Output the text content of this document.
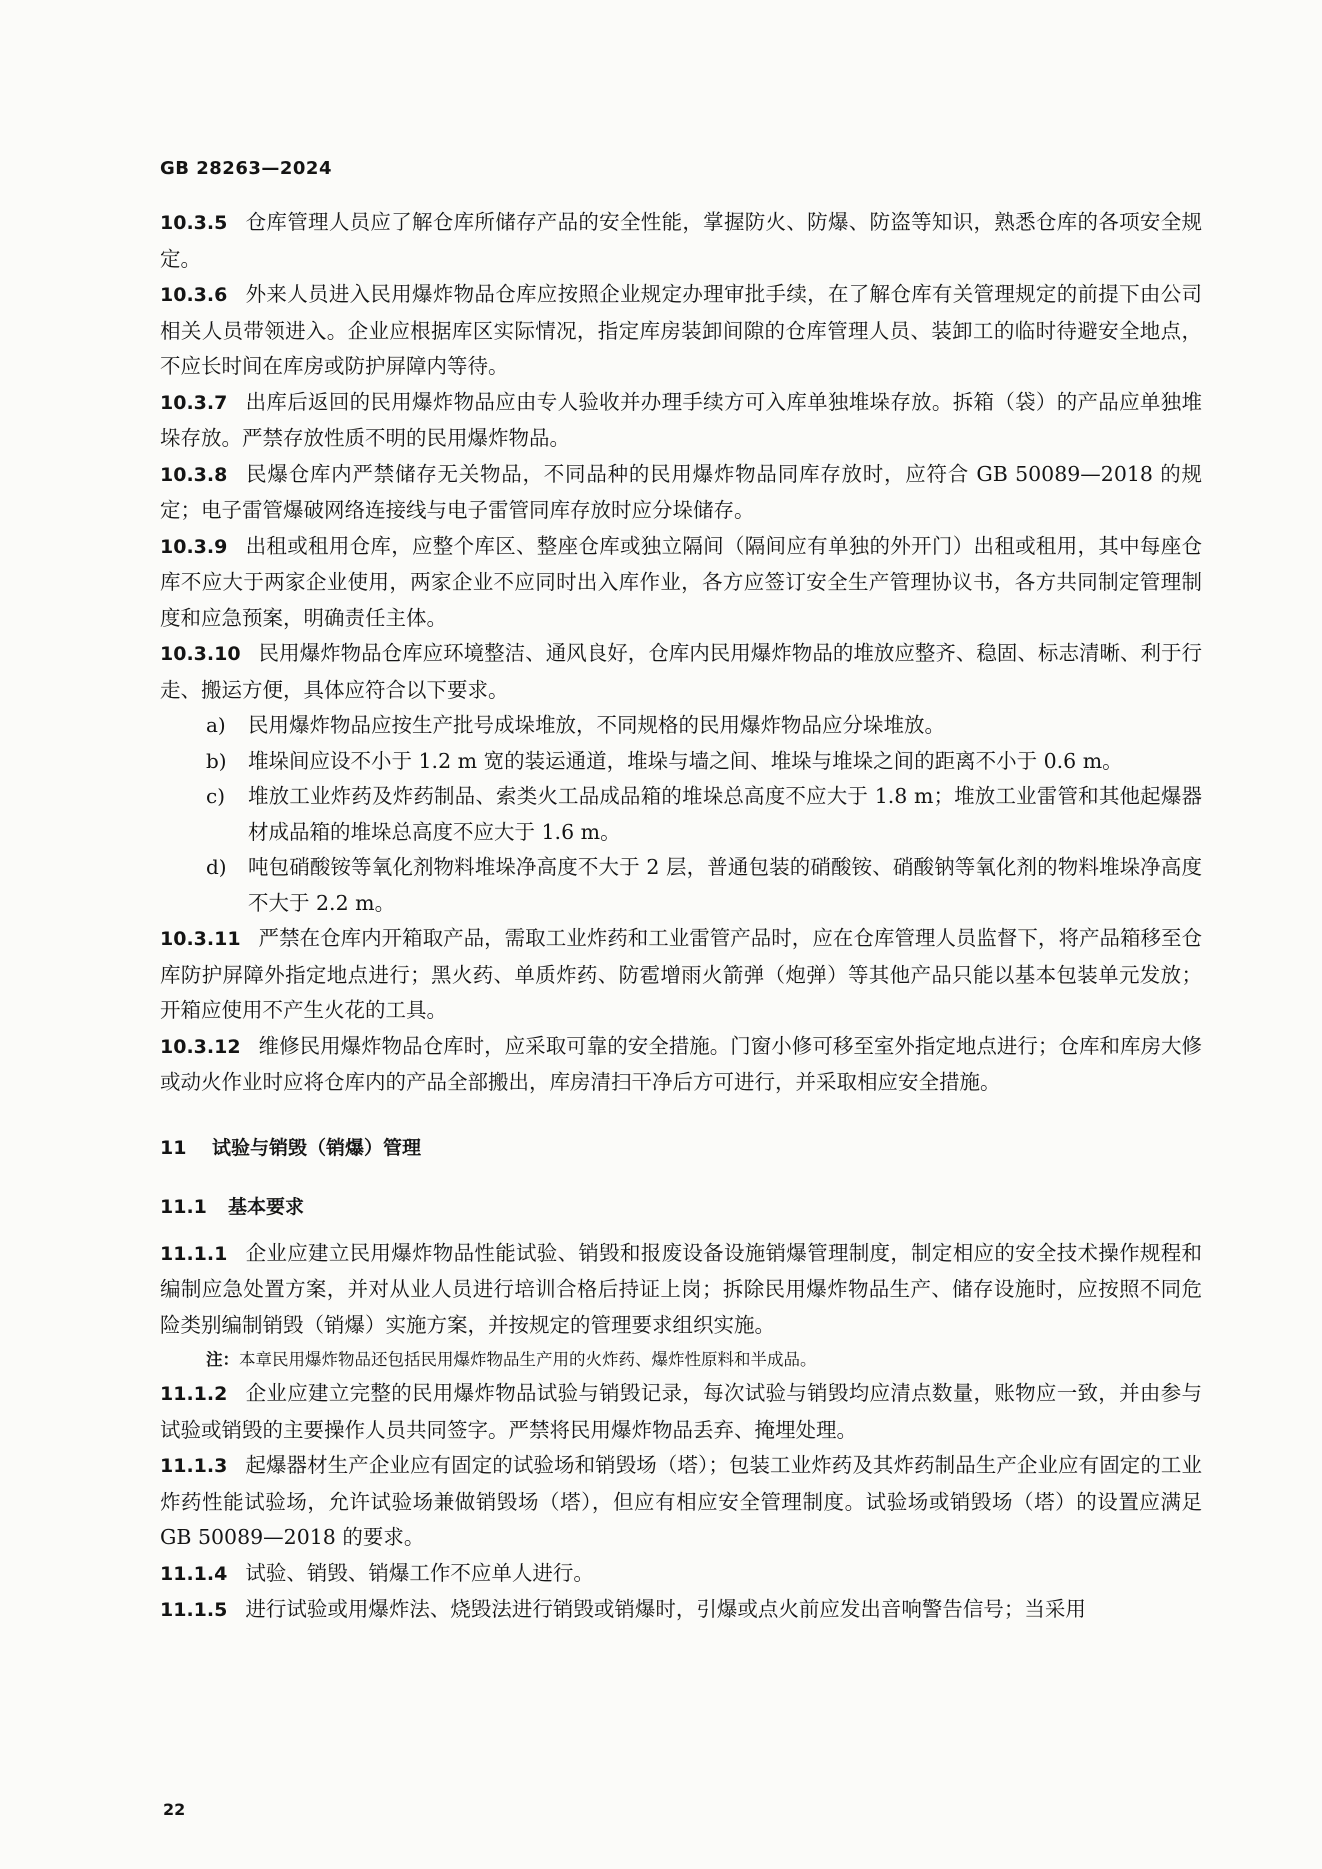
GB 28263—2024

10.3.5 仓库管理人员应了解仓库所储存产品的安全性能，掌握防火、防爆、防盗等知识，熟悉仓库的各项安全规定。

10.3.6 外来人员进入民用爆炸物品仓库应按照企业规定办理审批手续，在了解仓库有关管理规定的前提下由公司相关人员带领进入。企业应根据库区实际情况，指定库房装卸间隙的仓库管理人员、装卸工的临时待避安全地点，不应长时间在库房或防护屏障内等待。

10.3.7 出库后返回的民用爆炸物品应由专人验收并办理手续方可入库单独堆垛存放。拆箱（袋）的产品应单独堆垛存放。严禁存放性质不明的民用爆炸物品。

10.3.8 民爆仓库内严禁储存无关物品，不同品种的民用爆炸物品同库存放时，应符合 GB 50089—2018 的规定；电子雷管爆破网络连接线与电子雷管同库存放时应分垛储存。

10.3.9 出租或租用仓库，应整个库区、整座仓库或独立隔间（隔间应有单独的外开门）出租或租用，其中每座仓库不应大于两家企业使用，两家企业不应同时出入库作业，各方应签订安全生产管理协议书，各方共同制定管理制度和应急预案，明确责任主体。

10.3.10 民用爆炸物品仓库应环境整洁、通风良好，仓库内民用爆炸物品的堆放应整齐、稳固、标志清晰、利于行走、搬运方便，具体应符合以下要求。

a)	民用爆炸物品应按生产批号成垛堆放，不同规格的民用爆炸物品应分垛堆放。
b)	堆垛间应设不小于 1.2 m 宽的装运通道，堆垛与墙之间、堆垛与堆垛之间的距离不小于 0.6 m。
c)	堆放工业炸药及炸药制品、索类火工品成品箱的堆垛总高度不应大于 1.8 m；堆放工业雷管和其他起爆器材成品箱的堆垛总高度不应大于 1.6 m。
d)	吨包硝酸铵等氧化剂物料堆垛净高度不大于 2 层，普通包装的硝酸铵、硝酸钠等氧化剂的物料堆垛净高度不大于 2.2 m。

10.3.11 严禁在仓库内开箱取产品，需取工业炸药和工业雷管产品时，应在仓库管理人员监督下，将产品箱移至仓库防护屏障外指定地点进行；黑火药、单质炸药、防雹增雨火箭弹（炮弹）等其他产品只能以基本包装单元发放；开箱应使用不产生火花的工具。

10.3.12 维修民用爆炸物品仓库时，应采取可靠的安全措施。门窗小修可移至室外指定地点进行；仓库和库房大修或动火作业时应将仓库内的产品全部搬出，库房清扫干净后方可进行，并采取相应安全措施。

11 试验与销毁（销爆）管理
11.1 基本要求

11.1.1 企业应建立民用爆炸物品性能试验、销毁和报废设备设施销爆管理制度，制定相应的安全技术操作规程和编制应急处置方案，并对从业人员进行培训合格后持证上岗；拆除民用爆炸物品生产、储存设施时，应按照不同危险类别编制销毁（销爆）实施方案，并按规定的管理要求组织实施。

注：本章民用爆炸物品还包括民用爆炸物品生产用的火炸药、爆炸性原料和半成品。

11.1.2 企业应建立完整的民用爆炸物品试验与销毁记录，每次试验与销毁均应清点数量，账物应一致，并由参与试验或销毁的主要操作人员共同签字。严禁将民用爆炸物品丢弃、掩埋处理。

11.1.3 起爆器材生产企业应有固定的试验场和销毁场（塔）；包装工业炸药及其炸药制品生产企业应有固定的工业炸药性能试验场，允许试验场兼做销毁场（塔），但应有相应安全管理制度。试验场或销毁场（塔）的设置应满足 GB 50089—2018 的要求。

11.1.4 试验、销毁、销爆工作不应单人进行。

11.1.5 进行试验或用爆炸法、烧毁法进行销毁或销爆时，引爆或点火前应发出音响警告信号；当采用

22
